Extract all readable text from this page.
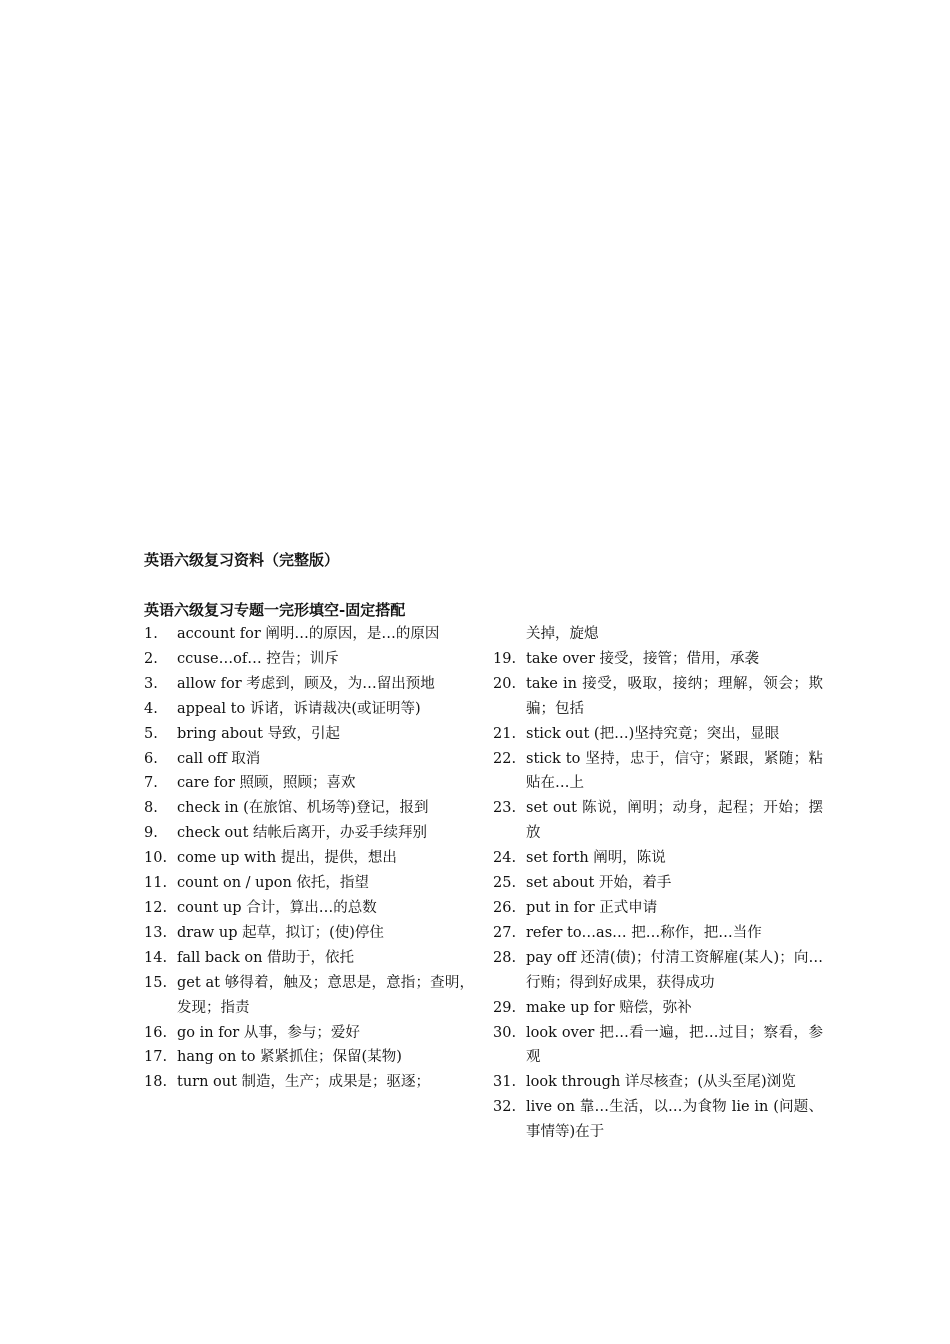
英语六级复习资料（完整版）
英语六级复习专题一完形填空-固定搭配
1. account for 阐明…的原因，是…的原因
2. ccuse…of… 控告；训斥
3. allow for 考虑到，顾及，为…留出预地
4. appeal to 诉诸，诉请裁决(或证明等)
5. bring about 导致，引起
6. call off 取消
7. care for 照顾，照顾；喜欢
8. check in (在旅馆、机场等)登记，报到
9. check out 结帐后离开，办妥手续拜别
10. come up with 提出，提供，想出
11. count on / upon 依托，指望
12. count up 合计，算出…的总数
13. draw up 起草，拟订；(使)停住
14. fall back on 借助于，依托
15. get at 够得着，触及；意思是，意指；查明，发现；指责
16. go in for 从事，参与；爱好
17. hang on to 紧紧抓住；保留(某物)
18. turn out 制造，生产；成果是；驱逐；
关掉，旋熄
19. take over 接受，接管；借用，承袭
20. take in 接受，吸取，接纳；理解，领会；欺骗；包括
21. stick out (把…)坚持究竟；突出，显眼
22. stick to 坚持，忠于，信守；紧跟，紧随；粘贴在…上
23. set out 陈说，阐明；动身，起程；开始；摆放
24. set forth 阐明，陈说
25. set about 开始，着手
26. put in for 正式申请
27. refer to…as… 把…称作，把…当作
28. pay off 还清(债)；付清工资解雇(某人)；向…行贿；得到好成果，获得成功
29. make up for 赔偿，弥补
30. look over 把…看一遍，把…过目；察看，参观
31. look through 详尽核查；(从头至尾)浏览
32. live on 靠…生活，以…为食物 lie in (问题、事情等)在于
